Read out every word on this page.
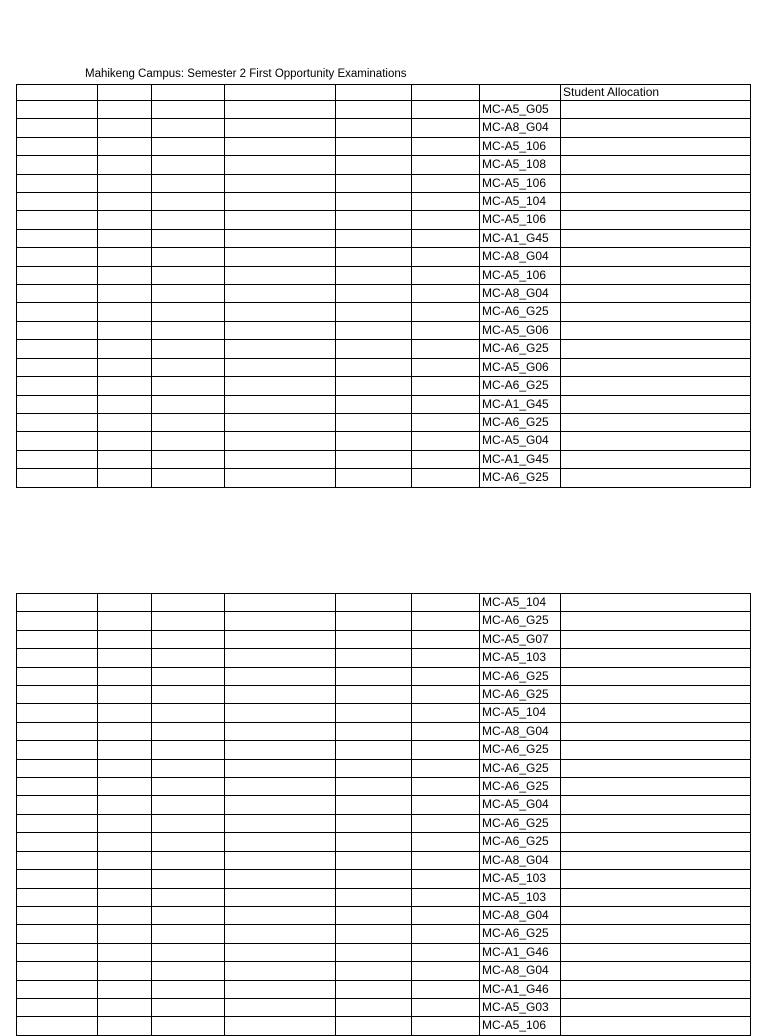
Mahikeng Campus: Semester 2 First Opportunity Examinations
							Student Allocation
						MC-A5_G05	
						MC-A8_G04	
						MC-A5_106	
						MC-A5_108	
						MC-A5_106	
						MC-A5_104	
						MC-A5_106	
						MC-A1_G45	
						MC-A8_G04	
						MC-A5_106	
						MC-A8_G04	
						MC-A6_G25	
						MC-A5_G06	
						MC-A6_G25	
						MC-A5_G06	
						MC-A6_G25	
						MC-A1_G45	
						MC-A6_G25	
						MC-A5_G04	
						MC-A1_G45	
						MC-A6_G25	
						MC-A5_104	
						MC-A6_G25	
						MC-A5_G07	
						MC-A5_103	
						MC-A6_G25	
						MC-A6_G25	
						MC-A5_104	
						MC-A8_G04	
						MC-A6_G25	
						MC-A6_G25	
						MC-A6_G25	
						MC-A5_G04	
						MC-A6_G25	
						MC-A6_G25	
						MC-A8_G04	
						MC-A5_103	
						MC-A5_103	
						MC-A8_G04	
						MC-A6_G25	
						MC-A1_G46	
						MC-A8_G04	
						MC-A1_G46	
						MC-A5_G03	
						MC-A5_106	
